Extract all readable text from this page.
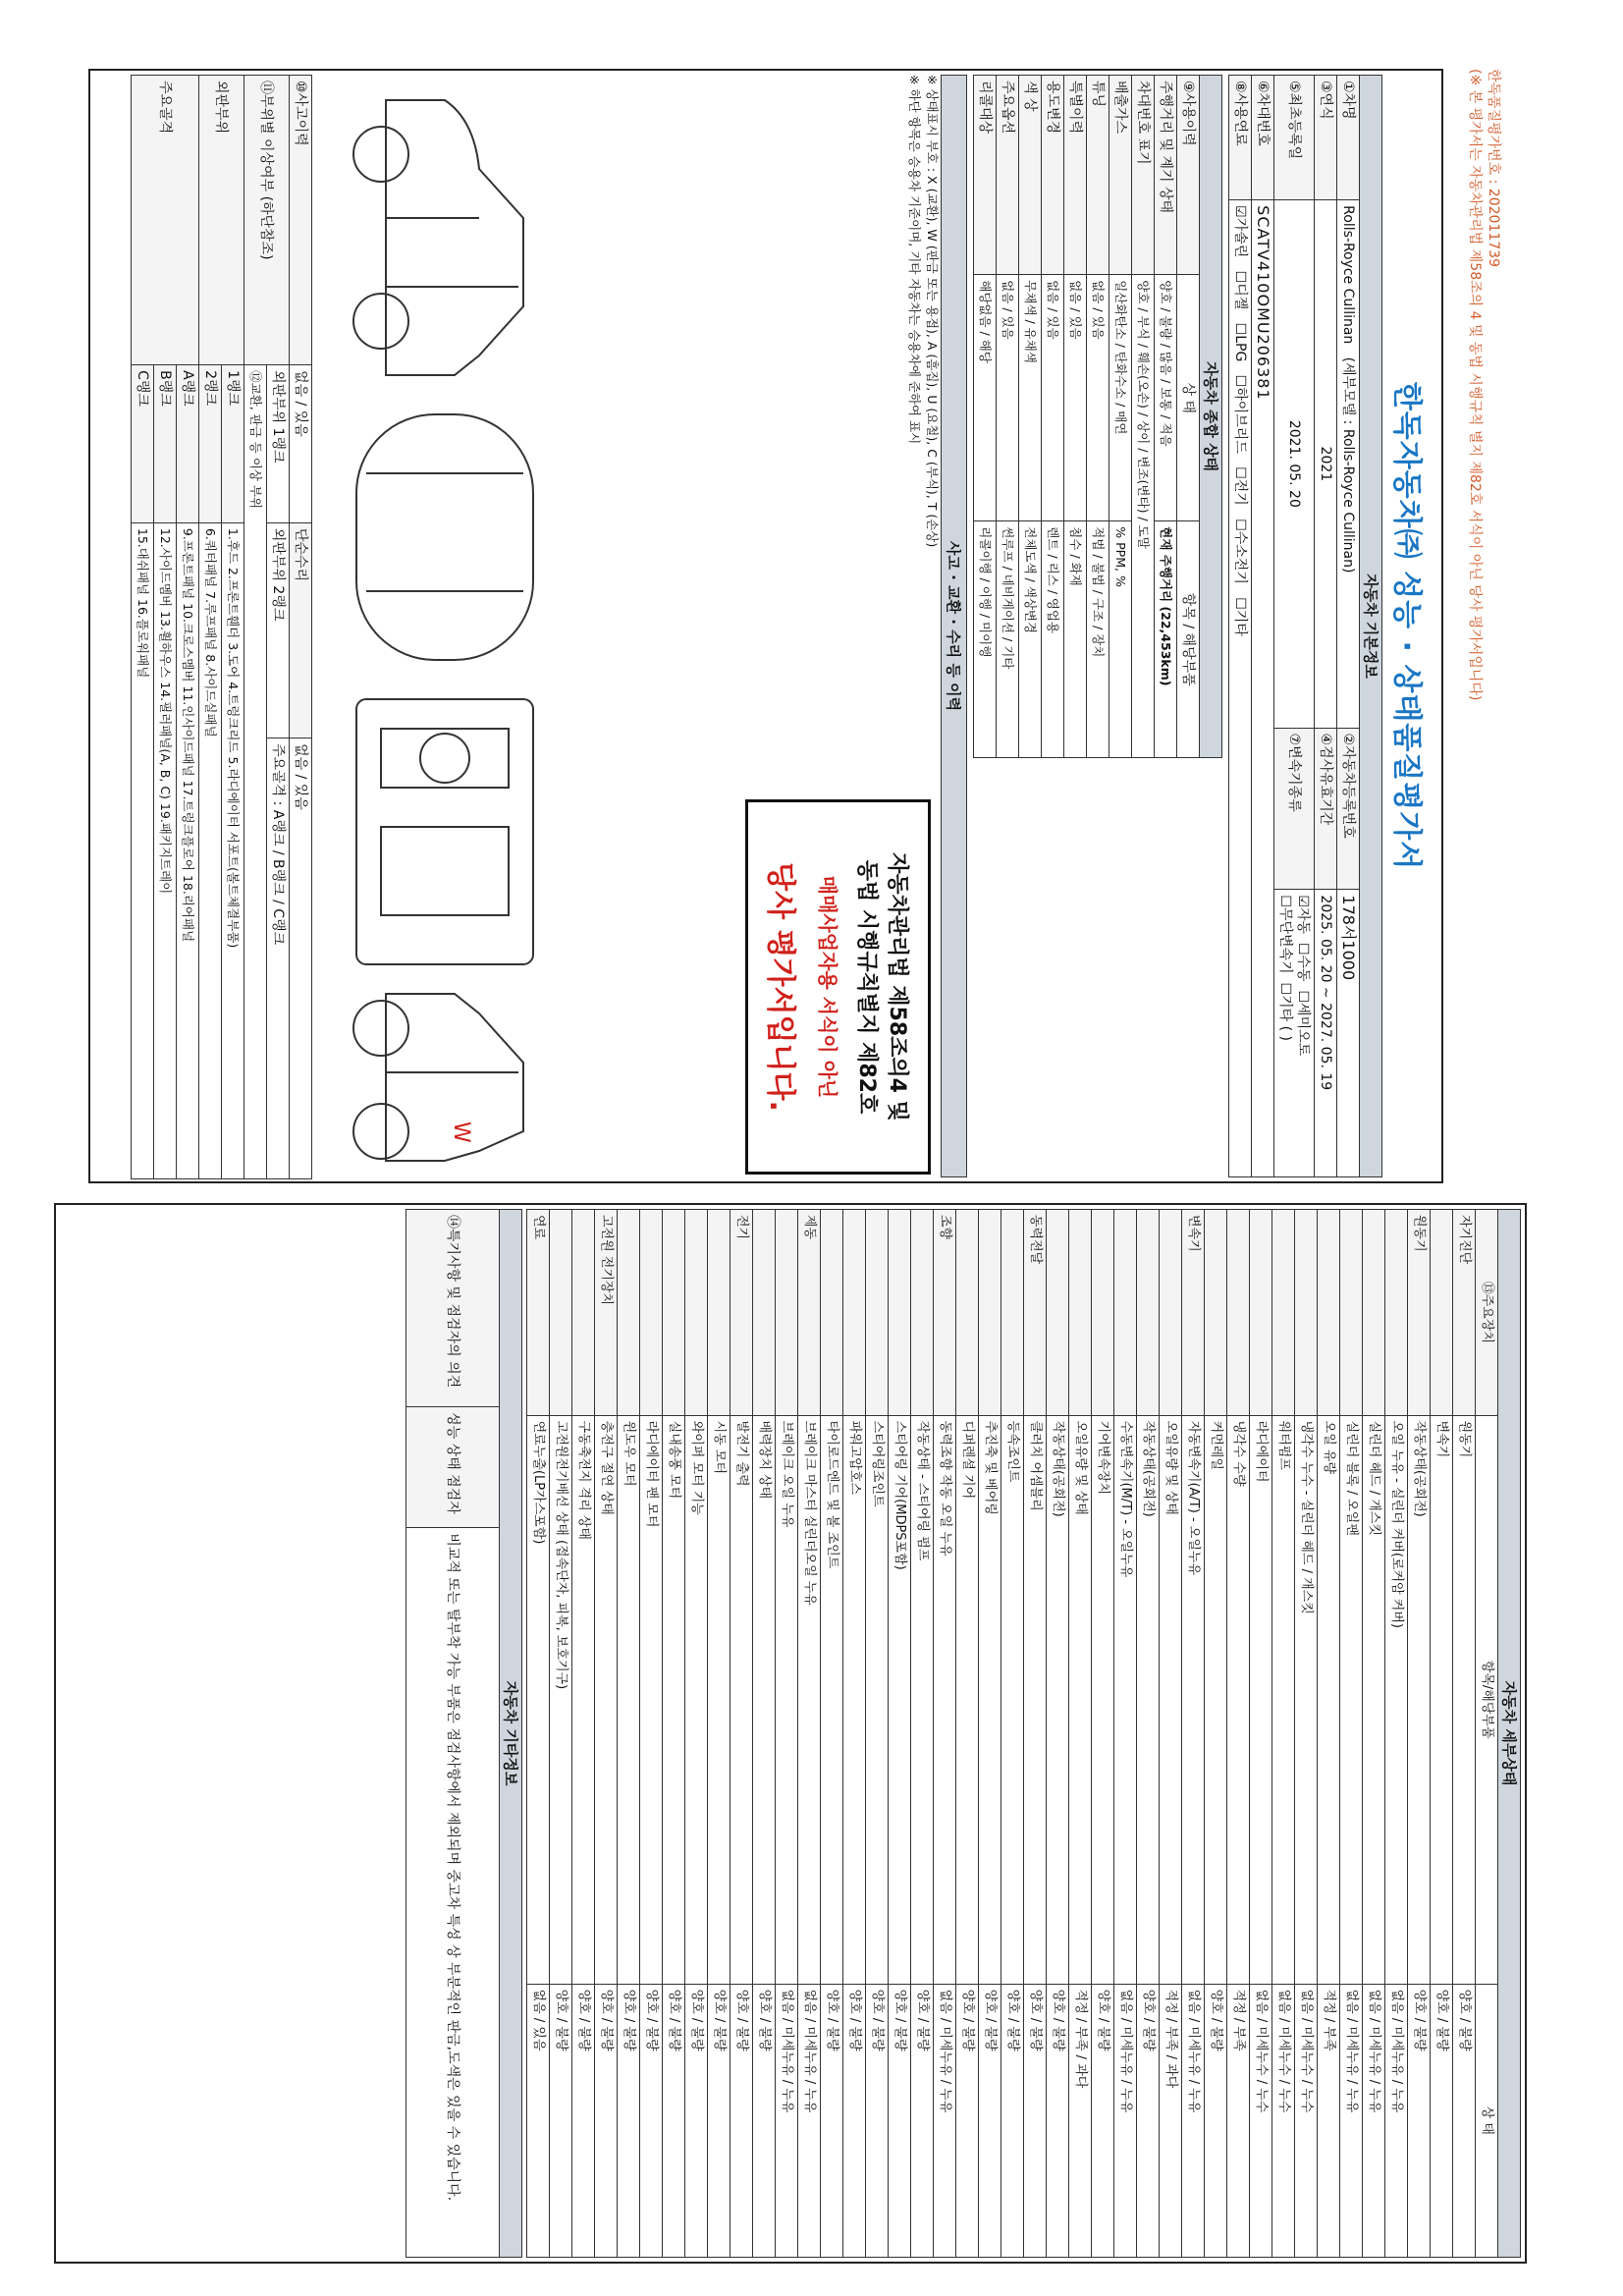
한독품질평가번호 : 202011739
(※ 본 평가서는 자동차관리법 제58조의 4 및 동법 시행규칙 별지 제82호 서식이 아닌 당사 평가서입니다)
한독자동차㈜ 성능 · 상태품질평가서
자동차 기본정보			
①차명	Rolls-Royce Cullinan   (세부모델 : Rolls-Royce Cullinan)	②자동차등록번호	178서1000
③연식	2021	④검사유효기간	2025. 05. 20 ~ 2027. 05. 19
⑤최초등록일	2021. 05. 20	⑦변속기종류	☑ 자동  ☐ 수동  ☐ 세미오토
☐ 무단변속기  ☐ 기타 ( )
⑥차대번호	SCATV410OMU206381		
⑧사용연료	☑ 가솔린   ☐ 디젤   ☐ LPG   ☐ 하이브리드   ☐ 전기   ☐ 수소전기   ☐ 기타
자동차 종합 상태		
⑨사용이력	상 태	항목 / 해당부품
주행거리 및 계기 상태	양호 / 불량 / 많음 / 보통 / 적음	현재 주행거리 (22,453km)
차대번호 표기	양호 / 부식 / 훼손(오손) / 상이 / 변조(변타) / 도말	
배출가스	일산화탄소 / 탄화수소 / 매연	% PPM, %
튜닝	없음 / 있음	적법 / 불법 / 구조 / 장치
특별이력	없음 / 있음	침수 / 화재
용도변경	없음 / 있음	렌트 / 리스 / 영업용
색 상	무채색 / 유채색	전체도색 / 색상변경
주요옵션	없음 / 있음	썬루프 / 네비게이션 / 기타
리콜대상	해당없음 / 해당	리콜이행 / 이행 / 미이행
자동차관리법 제58조의4 및
동법 시행규칙별지 제82호
매매사업자용 서식이 아닌
당사 평가서입니다.
사고 · 교환 · 수리 등 이력
※ 상태표시 부호 : X (교환), W (판금 또는 용접), A (흠집), U (요철), C (부식), T (손상)
※ 하단 항목은 승용차 기준이며, 기타 자동차는 승용차에 준하여 표시
W
⑩사고이력	없음 / 있음	단순수리	없음 / 있음
⑪부위별 이상여부 (하단참조)	외판부위 1랭크	외판부위 2랭크	주요골격 : A랭크 / B랭크 / C랭크
	⑫교환, 판금 등 이상 부위		
외판부위	1랭크	1.후드 2.프론트휀더 3.도어 4.트렁크리드 5.라디에이터 서포트(볼트체결부품)	
	2랭크	6.쿼터패널 7.루프패널 8.사이드실패널	
주요골격	A랭크	9.프론트패널 10.크로스멤버 11.인사이드패널 17.트렁크플로어 18.리어패널	
	B랭크	12.사이드멤버 13.휠하우스 14.필러패널(A, B, C) 19.패키지트레이	
	C랭크	15.대쉬패널 16.플로워패널	
자동차 세부상태		
⑬주요장치	항목/해당부품	상 태
자기진단	원동기	양호 / 불량
	변속기	양호 / 불량
원동기	작동상태(공회전)	양호 / 불량
	오일 누유 - 실린더 커버(로커암 커버)	없음 / 미세누유 / 누유
	실린더 헤드 / 개스킷	없음 / 미세누유 / 누유
	실린더 블록 / 오일팬	없음 / 미세누유 / 누유
	오일 유량	적정 / 부족
	냉각수 누수 - 실린더 헤드 / 개스킷	없음 / 미세누수 / 누수
	워터펌프	없음 / 미세누수 / 누수
	라디에이터	없음 / 미세누수 / 누수
	냉각수 수량	적정 / 부족
	커먼레일	양호 / 불량
변속기	자동변속기(A/T) - 오일누유	없음 / 미세누유 / 누유
	오일유량 및 상태	적정 / 부족 / 과다
	작동상태(공회전)	양호 / 불량
	수동변속기(M/T) - 오일누유	없음 / 미세누유 / 누유
	기어변속장치	양호 / 불량
	오일유량 및 상태	적정 / 부족 / 과다
	작동상태(공회전)	양호 / 불량
동력전달	클러치 어셈블리	양호 / 불량
	등속조인트	양호 / 불량
	추진축 및 베어링	양호 / 불량
	디퍼렌셜 기어	양호 / 불량
조향	동력조향 작동 오일 누유	없음 / 미세누유 / 누유
	작동상태 - 스티어링 펌프	양호 / 불량
	스티어링 기어(MDPS포함)	양호 / 불량
	스티어링조인트	양호 / 불량
	파워고압호스	양호 / 불량
	타이로드엔드 및 볼 조인트	양호 / 불량
제동	브레이크 마스터 실린더오일 누유	없음 / 미세누유 / 누유
	브레이크 오일 누유	없음 / 미세누유 / 누유
	배력장치 상태	양호 / 불량
전기	발전기 출력	양호 / 불량
	시동 모터	양호 / 불량
	와이퍼 모터 기능	양호 / 불량
	실내송풍 모터	양호 / 불량
	라디에이터 팬 모터	양호 / 불량
	윈도우 모터	양호 / 불량
고전원 전기장치	충전구 절연 상태	양호 / 불량
	구동축전지 격리 상태	양호 / 불량
	고전원전기배선 상태 (접속단자, 피복, 보호기구)	양호 / 불량
연료	연료누출(LP가스포함)	없음 / 있음
자동차 기타정보
⑭특기사항 및 점검자의 의견	성능 상태 점검자	비교적 또는 탈부착 가능 부품은 점검사항에서 제외되며 중고차 특성 상 부분적인 판금,도색은 있을 수 있습니다.
